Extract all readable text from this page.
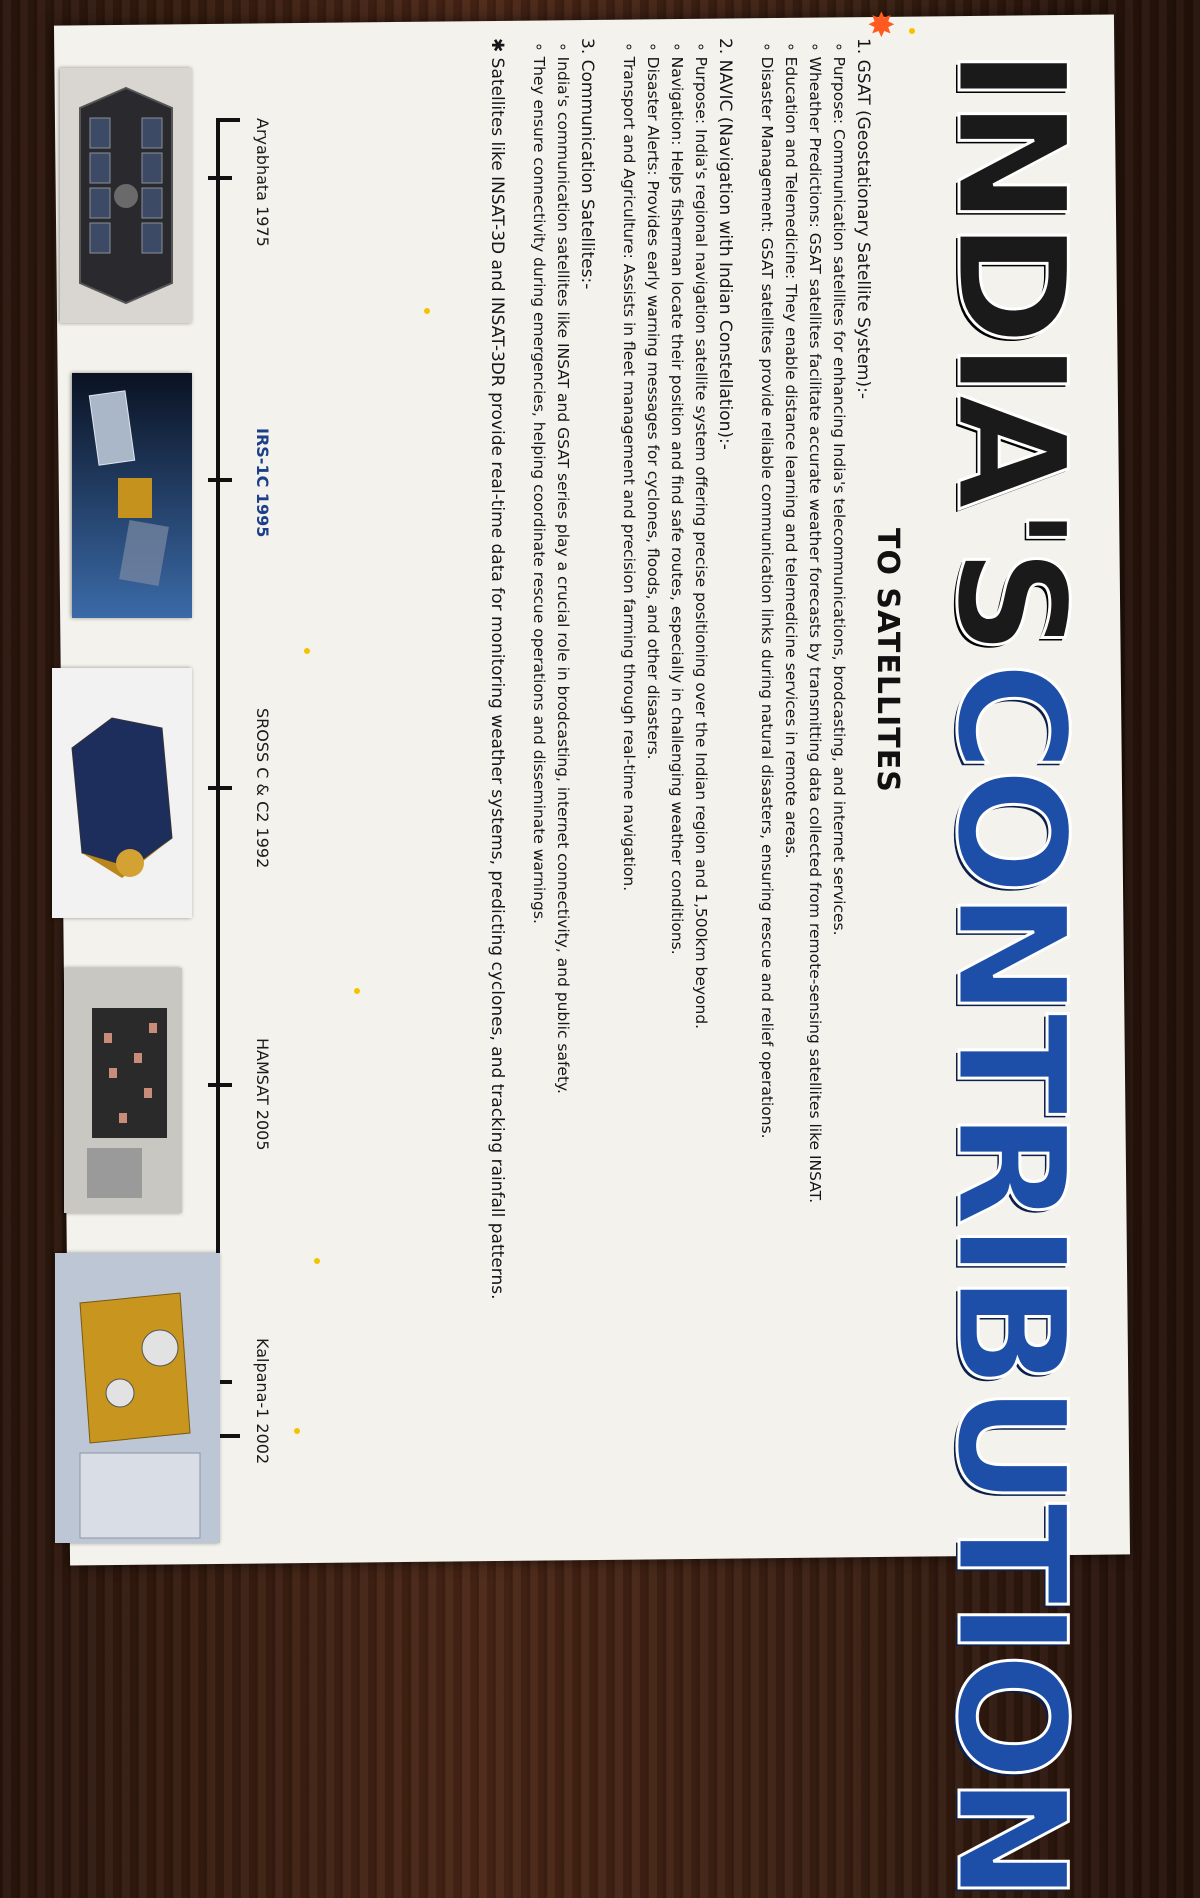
✸
INDIA'S
CONTRIBUTION
TO SATELLITES
1. GSAT (Geostationary Satellite System):-
∘ Purpose: Communication satellites for enhancing India's telecommunications, brodcasting, and internet services.
∘ Wheather Predictions: GSAT satellites facilitate accurate weather forecasts by transmitting data collected from remote-sensing satellites like INSAT.
∘ Education and Telemedicine: They enable distance learning and telemedicine services in remote areas.
∘ Disaster Management: GSAT satellites provide reliable communication links during natural disasters, ensuring rescue and relief operations.
2. NAVIC (Navigation with Indian Constellation):-
∘ Purpose: India's regional navigation satellite system offering precise positioning over the Indian region and 1,500km beyond.
∘ Navigation: Helps fisherman locate their position and find safe routes, especially in challenging weather conditions.
∘ Disaster Alerts: Provides early warning messages for cyclones, floods, and other disasters.
∘ Transport and Agriculture: Assists in fleet management and precision farming through real-time navigation.
3. Communication Satellites:-
∘ India's communication satellites like INSAT and GSAT series play a crucial role in brodcasting, internet connectivity, and public safety.
∘ They ensure connectivity during emergencies, helping coordinate rescue operations and disseminate warnings.
✱ Satellites like INSAT-3D and INSAT-3DR provide real-time data for monitoring weather systems, predicting cyclones, and tracking rainfall patterns.
Aryabhata 1975
IRS-1C 1995
SROSS C & C2 1992
HAMSAT 2005
Kalpana-1 2002
